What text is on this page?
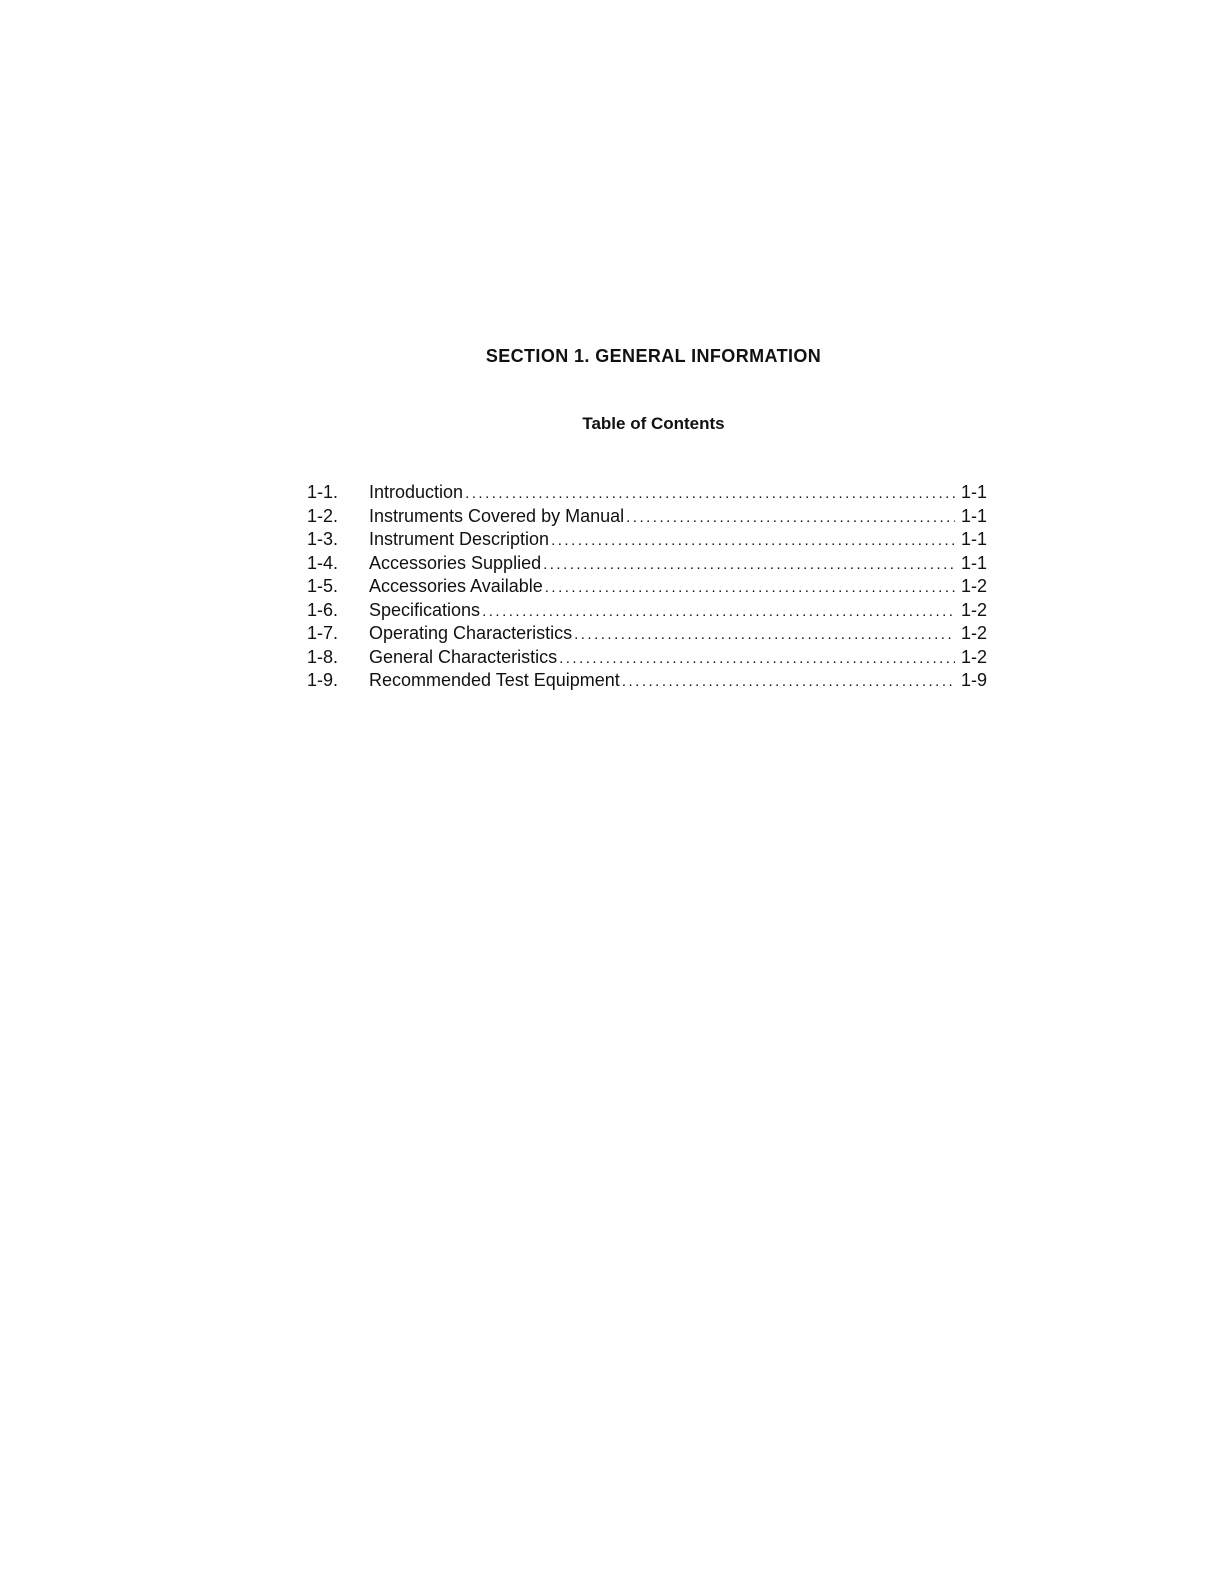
SECTION 1. GENERAL INFORMATION
Table of Contents
1-1.	Introduction .....	1-1
1-2.	Instruments Covered by Manual .....	1-1
1-3.	Instrument Description .....	1-1
1-4.	Accessories Supplied .....	1-1
1-5.	Accessories Available .....	1-2
1-6.	Specifications .....	1-2
1-7.	Operating Characteristics .....	1-2
1-8.	General Characteristics .....	1-2
1-9.	Recommended Test Equipment .....	1-9
